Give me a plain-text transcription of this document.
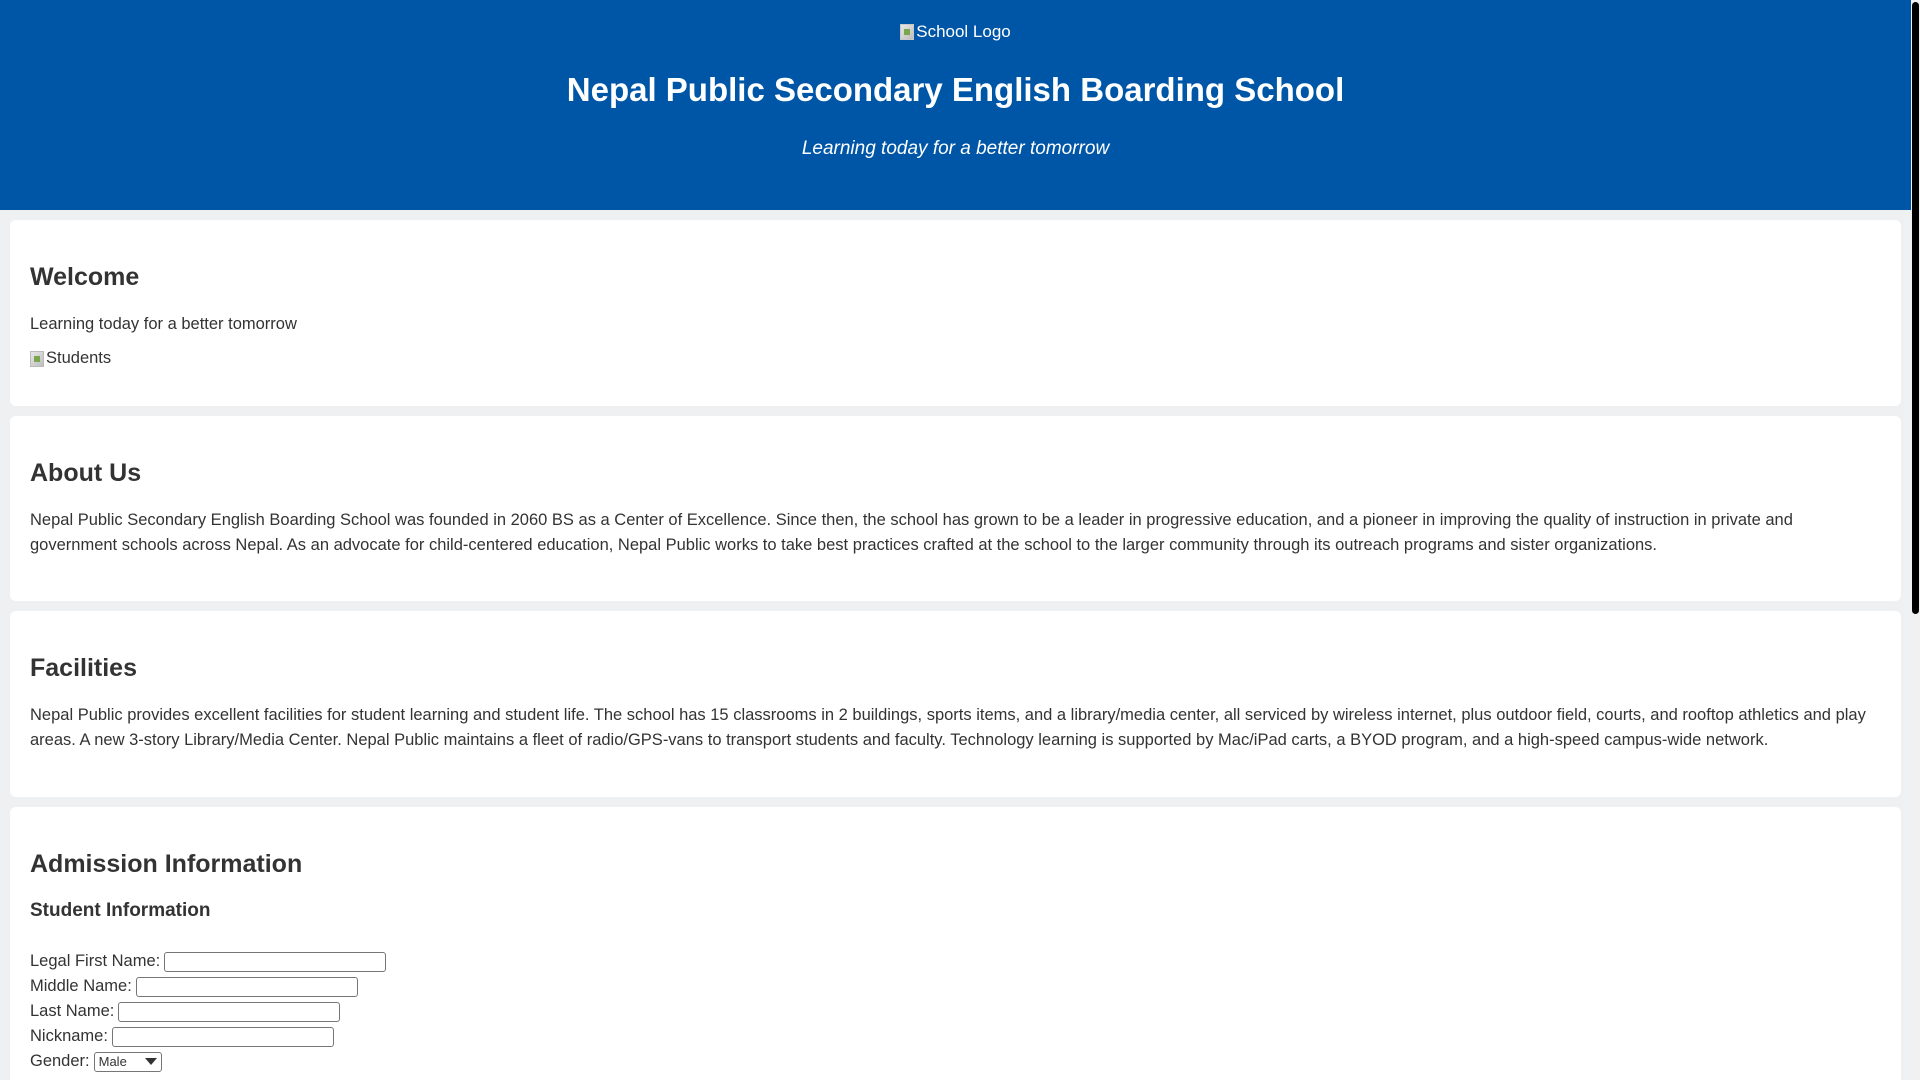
School Logo
Nepal Public Secondary English Boarding School
Learning today for a better tomorrow
Welcome

Learning today for a better tomorrow

Students
About Us

Nepal Public Secondary English Boarding School was founded in 2060 BS as a Center of Excellence. Since then, the school has grown to be a leader in progressive education, and a pioneer in improving the quality of instruction in private and government schools across Nepal. As an advocate for child-centered education, Nepal Public works to take best practices crafted at the school to the larger community through its outreach programs and sister organizations.

Facilities

Nepal Public provides excellent facilities for student learning and student life. The school has 15 classrooms in 2 buildings, sports items, and a library/media center, all serviced by wireless internet, plus outdoor field, courts, and rooftop athletics and play areas. A new 3-story Library/Media Center. Nepal Public maintains a fleet of radio/GPS-vans to transport students and faculty. Technology learning is supported by Mac/iPad carts, a BYOD program, and a high-speed campus-wide network.

Admission Information
Student Information
Legal First Name:
Middle Name:
Last Name:
Nickname:
Gender: Male
